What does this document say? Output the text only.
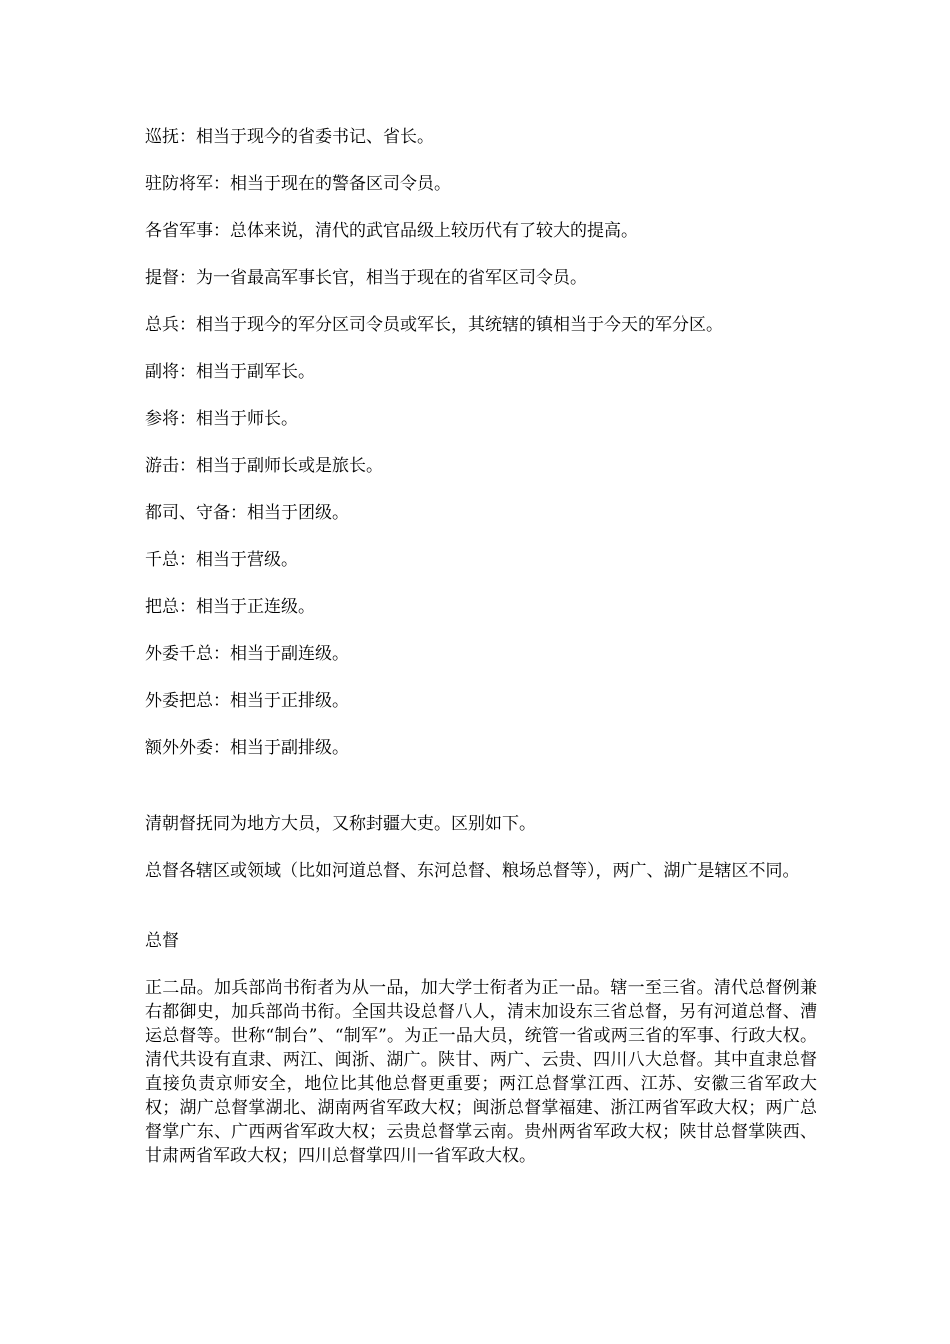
巡抚：相当于现今的省委书记、省长。

驻防将军：相当于现在的警备区司令员。

各省军事：总体来说，清代的武官品级上较历代有了较大的提高。

提督：为一省最高军事长官，相当于现在的省军区司令员。

总兵：相当于现今的军分区司令员或军长，其统辖的镇相当于今天的军分区。

副将：相当于副军长。

参将：相当于师长。

游击：相当于副师长或是旅长。

都司、守备：相当于团级。

千总：相当于营级。

把总：相当于正连级。

外委千总：相当于副连级。

外委把总：相当于正排级。

额外外委：相当于副排级。

清朝督抚同为地方大员，又称封疆大吏。区别如下。

总督各辖区或领域（比如河道总督、东河总督、粮场总督等），两广、湖广是辖区不同。

总督

正二品。加兵部尚书衔者为从一品，加大学士衔者为正一品。辖一至三省。清代总督例兼右都御史，加兵部尚书衔。全国共设总督八人，清末加设东三省总督，另有河道总督、漕运总督等。世称“制台”、“制军”。为正一品大员，统管一省或两三省的军事、行政大权。清代共设有直隶、两江、闽浙、湖广。陕甘、两广、云贵、四川八大总督。其中直隶总督直接负责京师安全，地位比其他总督更重要；两江总督掌江西、江苏、安徽三省军政大权；湖广总督掌湖北、湖南两省军政大权；闽浙总督掌福建、浙江两省军政大权；两广总督掌广东、广西两省军政大权；云贵总督掌云南。贵州两省军政大权；陕甘总督掌陕西、甘肃两省军政大权；四川总督掌四川一省军政大权。
